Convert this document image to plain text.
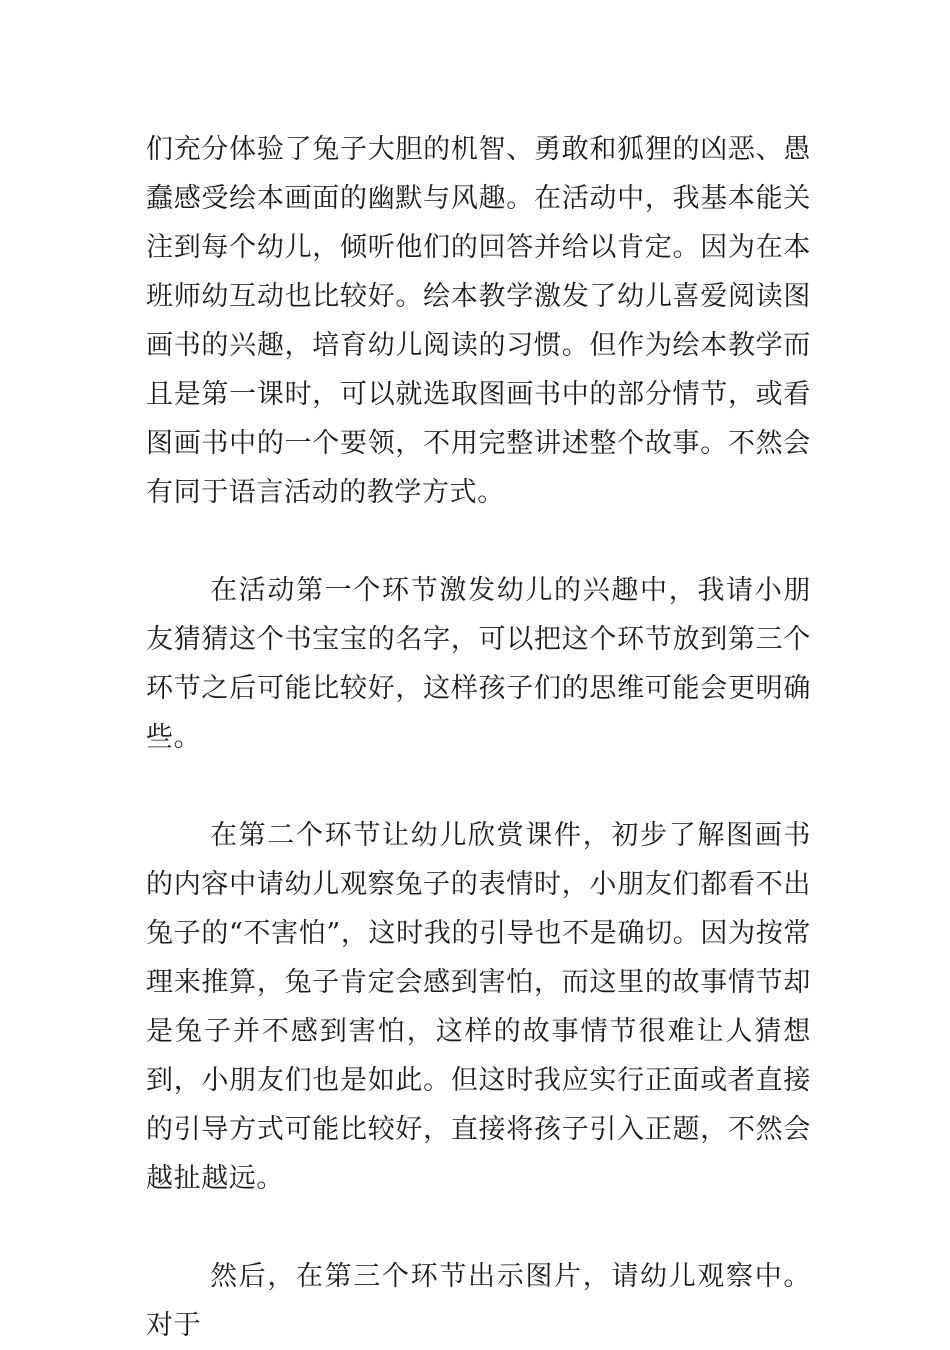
们充分体验了兔子大胆的机智、勇敢和狐狸的凶恶、愚蠢感受绘本画面的幽默与风趣。在活动中，我基本能关注到每个幼儿，倾听他们的回答并给以肯定。因为在本班师幼互动也比较好。绘本教学激发了幼儿喜爱阅读图画书的兴趣，培育幼儿阅读的习惯。但作为绘本教学而且是第一课时，可以就选取图画书中的部分情节，或看图画书中的一个要领，不用完整讲述整个故事。不然会有同于语言活动的教学方式。

在活动第一个环节激发幼儿的兴趣中，我请小朋友猜猜这个书宝宝的名字，可以把这个环节放到第三个环节之后可能比较好，这样孩子们的思维可能会更明确些。

在第二个环节让幼儿欣赏课件，初步了解图画书的内容中请幼儿观察兔子的表情时，小朋友们都看不出兔子的“不害怕”，这时我的引导也不是确切。因为按常理来推算，兔子肯定会感到害怕，而这里的故事情节却是兔子并不感到害怕，这样的故事情节很难让人猜想到，小朋友们也是如此。但这时我应实行正面或者直接的引导方式可能比较好，直接将孩子引入正题，不然会越扯越远。

然后，在第三个环节出示图片，请幼儿观察中。对于
